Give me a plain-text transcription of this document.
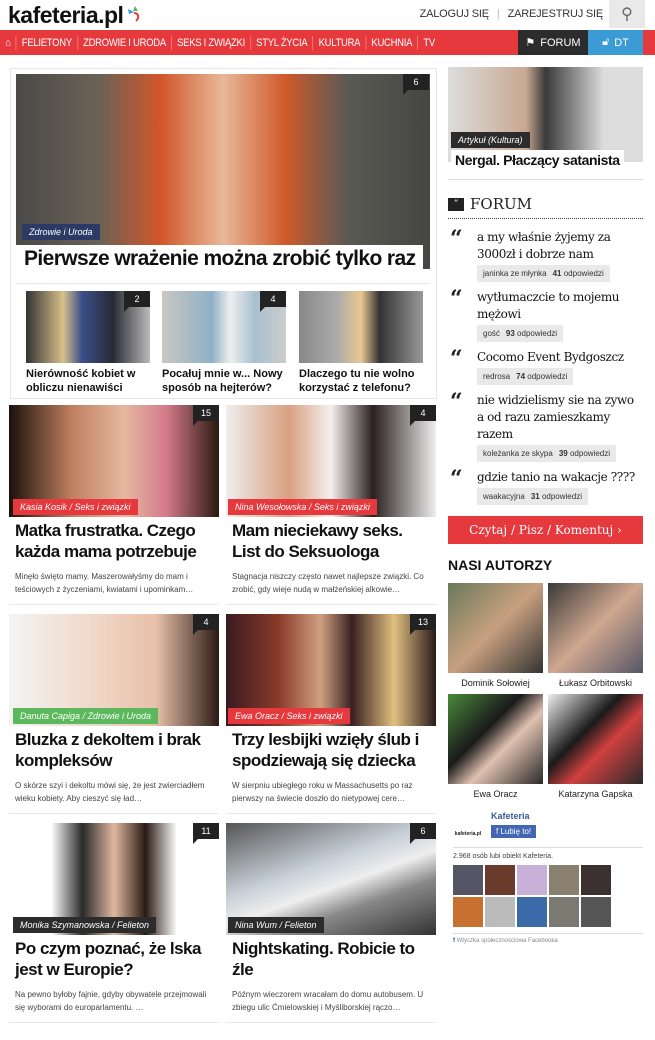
kafeteria.pl	ZALOGUJ SIĘ | ZAREJESTRUJ SIĘ ⚲
⌂	FELIETONY	ZDROWIE I URODA	SEKS I ZWIĄZKI	STYL ŻYCIA	KULTURA	KUCHNIA	TV	⚑ FORUM 🔓︎ DT
6
Zdrowie i Uroda
Pierwsze wrażenie można zrobić tylko raz
2
Nierówność kobiet w obliczu nienawiści
4
Pocałuj mnie w... Nowy sposób na hejterów?
Dlaczego tu nie wolno korzystać z telefonu?
15
Kasia Kosik / Seks i związki
Matka frustratka. Czego każda mama potrzebuje
Minęło święto mamy. Maszerowałyśmy do mam i teściowych z życzeniami, kwiatami i upominkam…
4
Nina Wesołowska / Seks i związki
Mam nieciekawy seks. List do Seksuologa
Stagnacja niszczy często nawet najlepsze związki. Co zrobić, gdy wieje nudą w małżeńskiej alkowie…
4
Danuta Capiga / Zdrowie i Uroda
Bluzka z dekoltem i brak kompleksów
O skórze szyi i dekoltu mówi się, że jest zwierciadłem wieku kobiety. Aby cieszyć się ład…
13
Ewa Oracz / Seks i związki
Trzy lesbijki wzięły ślub i spodziewają się dziecka
W sierpniu ubiegłego roku w Massachusetts po raz pierwszy na świecie doszło do nietypowej cere…
11
Monika Szymanowska / Felieton
Po czym poznać, że lska jest w Europie?
Na pewno byłoby fajnie, gdyby obywatele przejmowali się wyborami do europarlamentu. …
6
Nina Wum / Felieton
Nightskating. Robicie to źle
Późnym wieczorem wracałam do domu autobusem. U zbiegu ulic Ćmielowskiej i Myśliborskiej rączo…
Artykuł (Kultura)
Nergal. Płaczący satanista
“ FORUM
“ a my właśnie żyjemy za 3000zł i dobrze nam
janinka ze młynka 41 odpowiedzi
“ wytłumaczcie to mojemu mężowi
gość 93 odpowiedzi
“ Cocomo Event Bydgoszcz
redrosa 74 odpowiedzi
“ nie widzielismy sie na zywo a od razu zamieszkamy razem
koleżanka ze skypa 39 odpowiedzi
“ gdzie tanio na wakacje ????
waakacyjna 31 odpowiedzi
Czytaj / Pisz / Komentuj ›
NASI AUTORZY
Dominik Sołowiej	Łukasz Orbitowski
Ewa Oracz	Katarzyna Gapska
kafeteria.pl
Kafeteria
f Lubię to!
2.968 osób lubi obiekt Kafeteria.

f Wtyczka społecznościowa Facebooka
